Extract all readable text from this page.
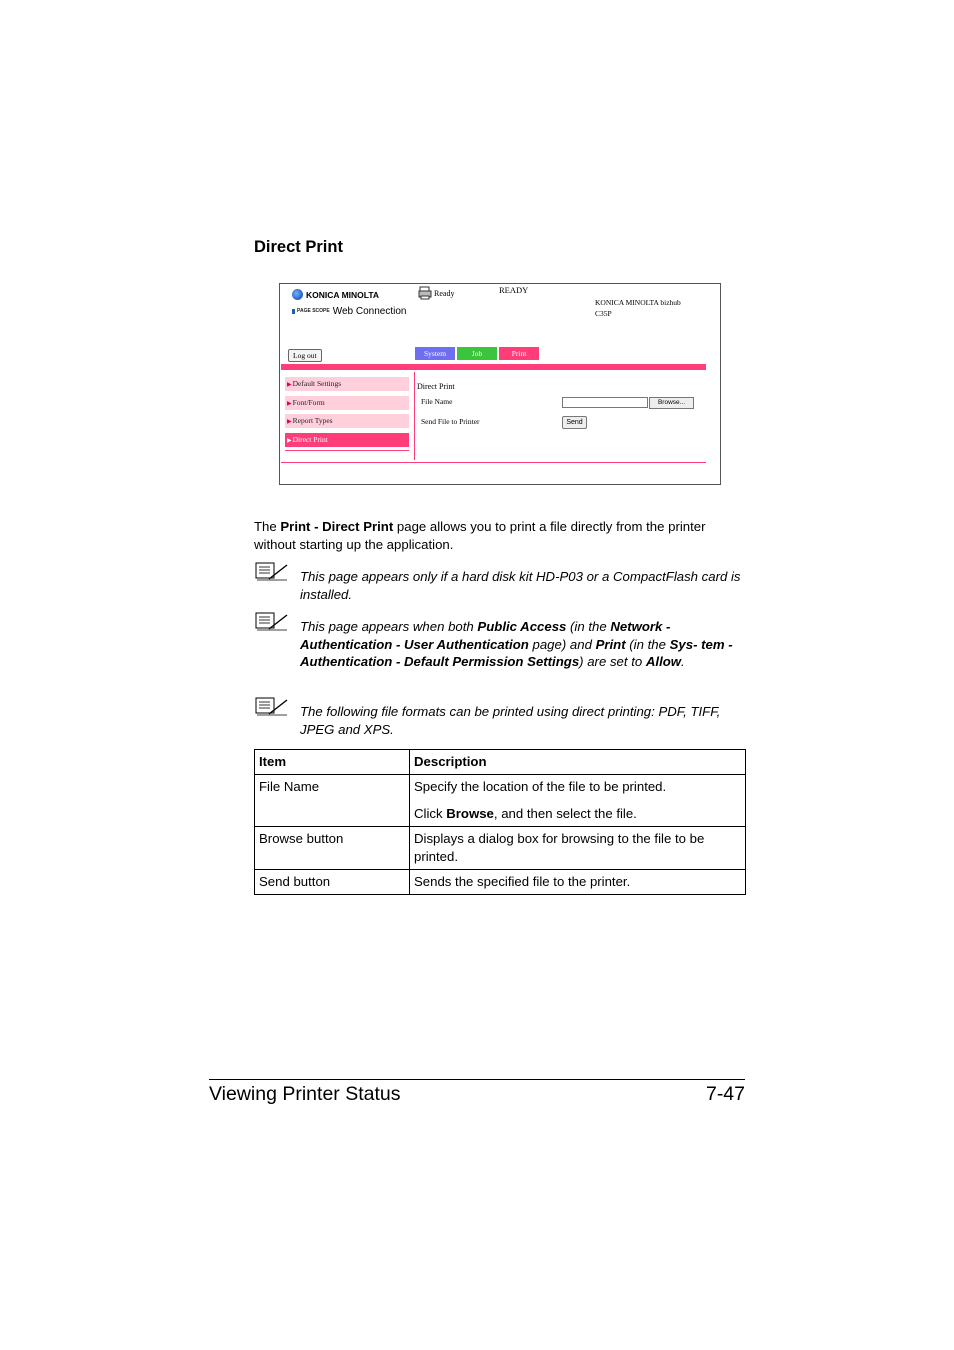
Direct Print
KONICA MINOLTA
PAGE SCOPE Web Connection
Ready	READY
KONICA MINOLTA bizhub
C35P
Log out	System	Job	Print
▶Default Settings
▶Font/Form
▶Report Types
▶Direct Print
Direct Print
File Name	Browse...
Send File to Printer	Send
The Print - Direct Print page allows you to print a file directly from the printer without starting up the application.
This page appears only if a hard disk kit HD-P03 or a CompactFlash card is installed.
This page appears when both Public Access (in the Network - Authentication - User Authentication page) and Print (in the Sys- tem - Authentication - Default Permission Settings) are set to Allow.
The following file formats can be printed using direct printing: PDF, TIFF, JPEG and XPS.
Item	Description
File Name	Specify the location of the file to be printed.
Click Browse, and then select the file.

Browse button	Displays a dialog box for browsing to the file to be printed.
Send button	Sends the specified file to the printer.
Viewing Printer Status	7-47
